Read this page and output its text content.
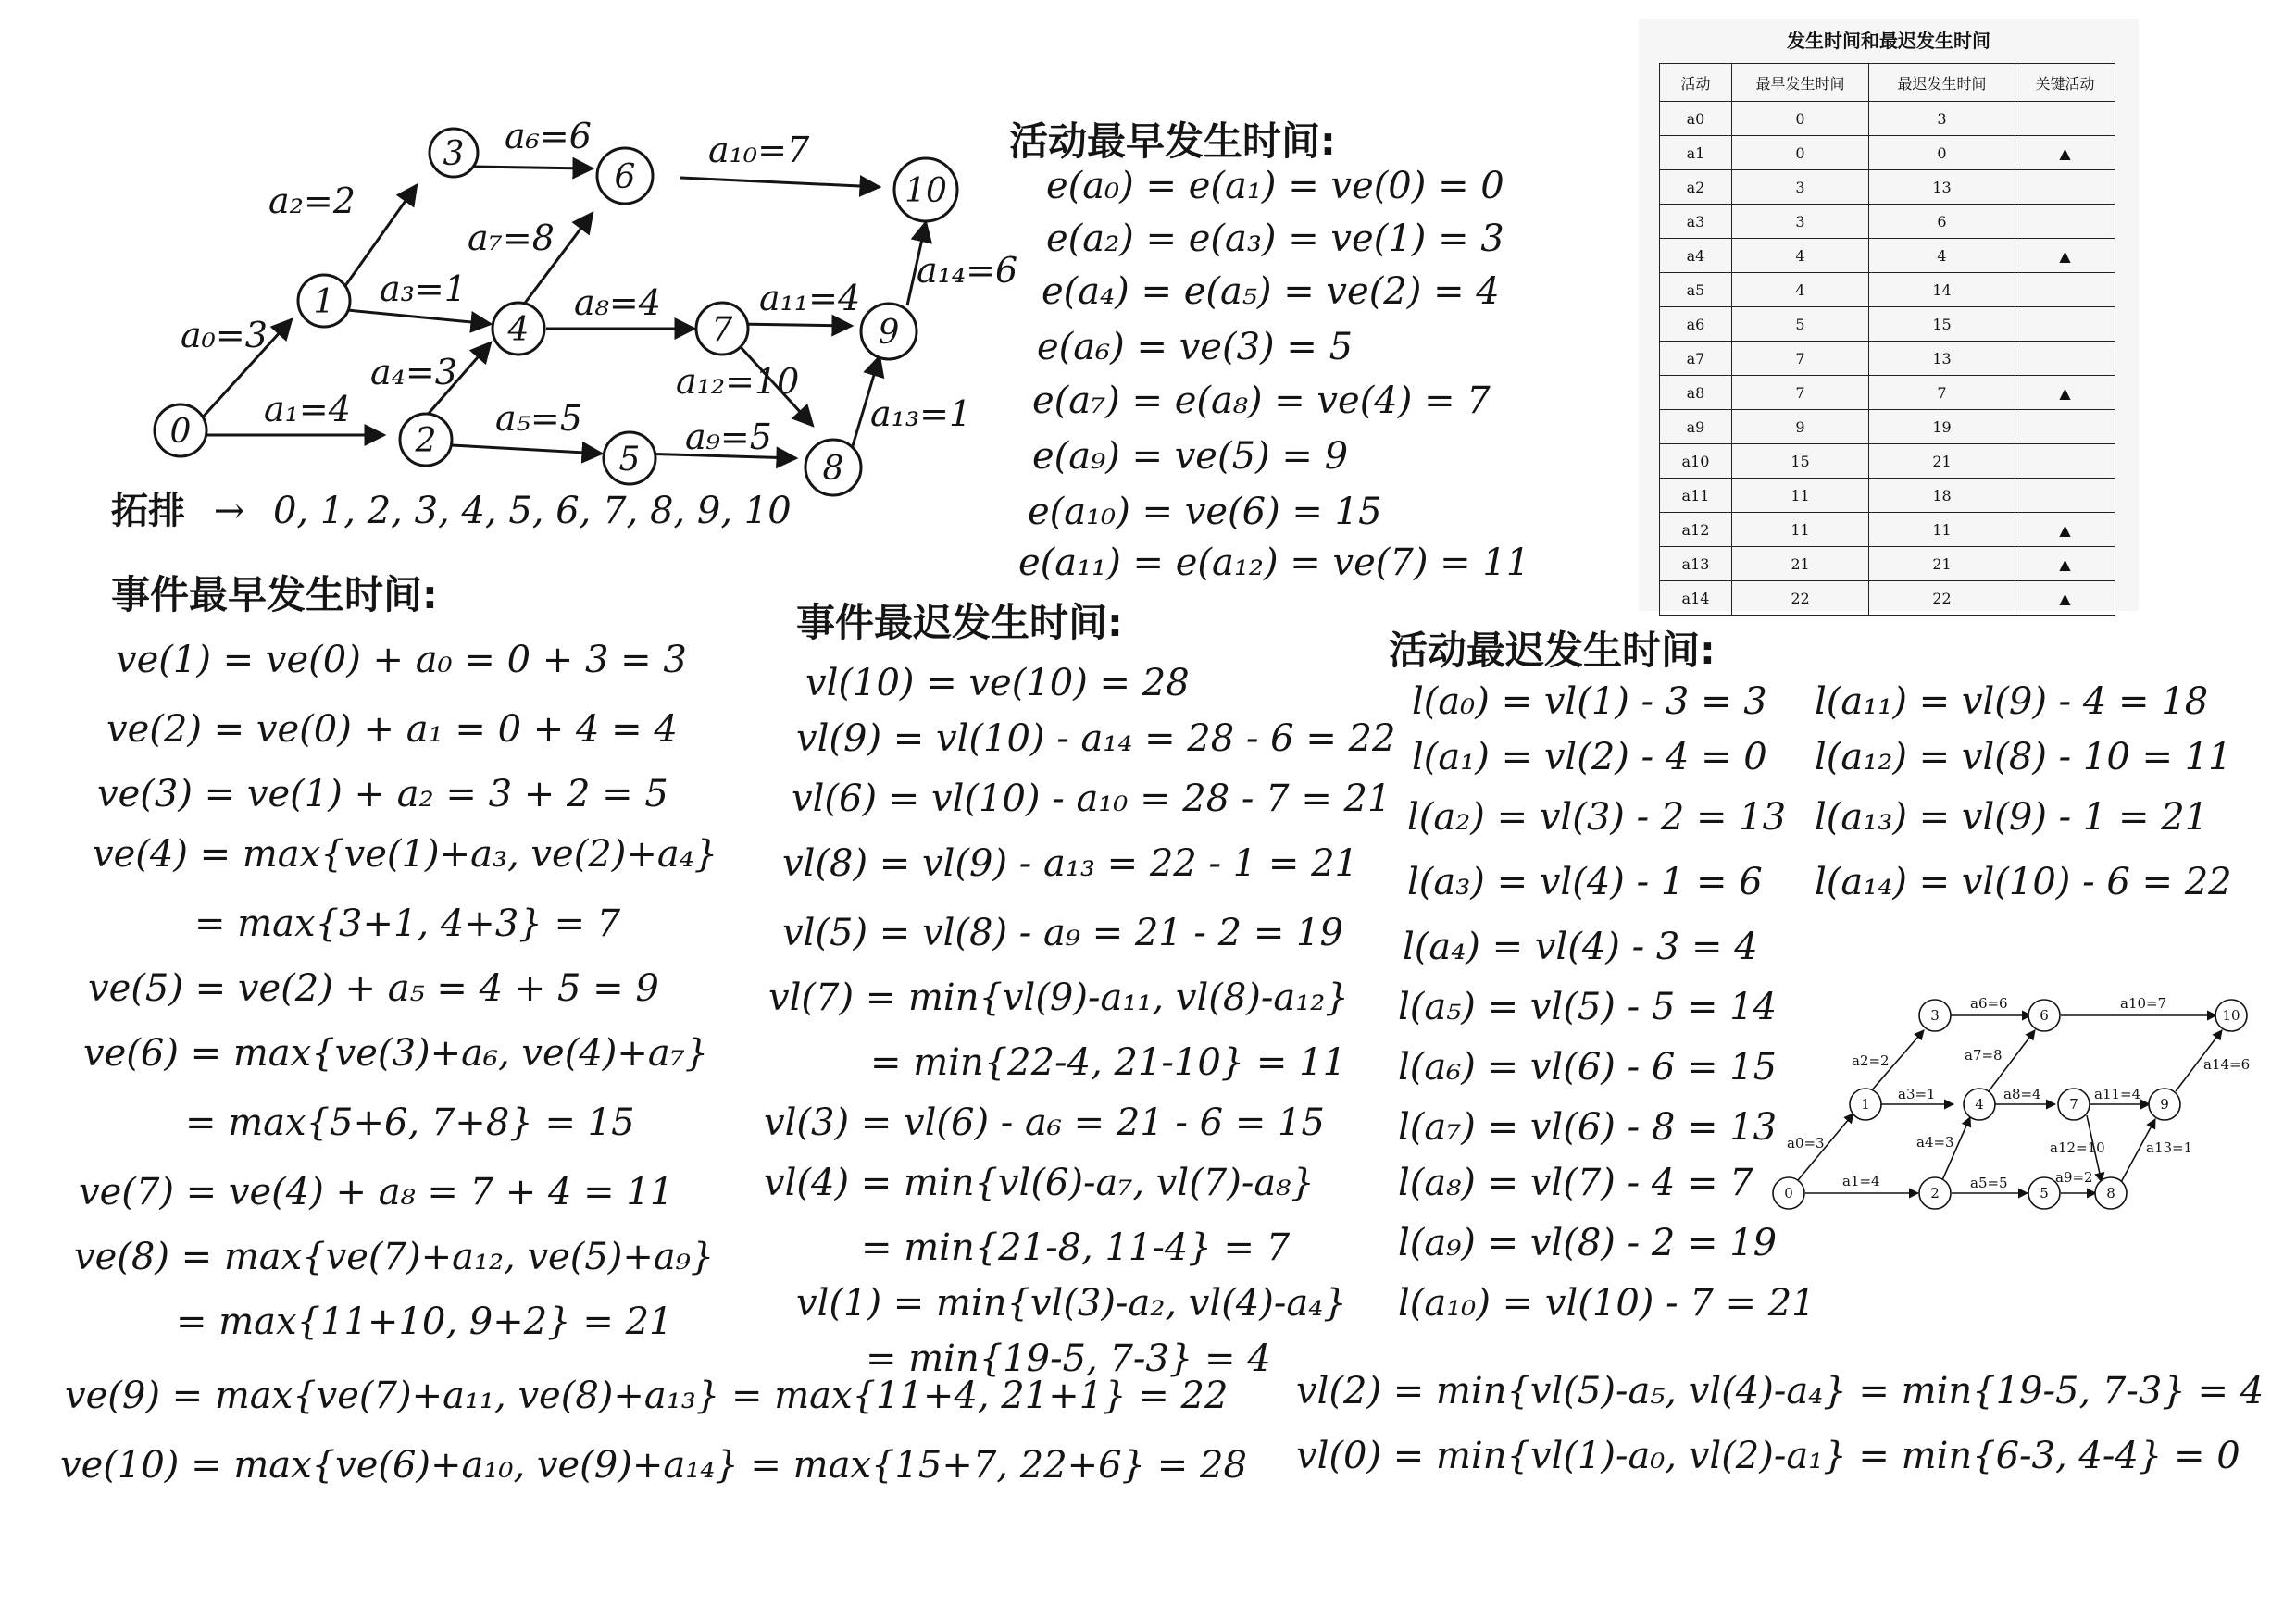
0
1
2
3
4
5
6
7
8
9
10
a₀=3
a₁=4
a₂=2
a₃=1
a₄=3
a₅=5
a₆=6
a₇=8
a₈=4
a₉=5
a₁₀=7
a₁₁=4
a₁₂=10
a₁₃=1
a₁₄=6
拓排 → 0, 1, 2, 3, 4, 5, 6, 7, 8, 9, 10
活动最早发生时间:
e(a₀) = e(a₁) = ve(0) = 0
e(a₂) = e(a₃) = ve(1) = 3
e(a₄) = e(a₅) = ve(2) = 4
e(a₆) = ve(3) = 5
e(a₇) = e(a₈) = ve(4) = 7
e(a₉) = ve(5) = 9
e(a₁₀) = ve(6) = 15
e(a₁₁) = e(a₁₂) = ve(7) = 11
事件最早发生时间:
ve(1) = ve(0) + a₀ = 0 + 3 = 3
ve(2) = ve(0) + a₁ = 0 + 4 = 4
ve(3) = ve(1) + a₂ = 3 + 2 = 5
ve(4) = max{ve(1)+a₃, ve(2)+a₄}
= max{3+1, 4+3} = 7
ve(5) = ve(2) + a₅ = 4 + 5 = 9
ve(6) = max{ve(3)+a₆, ve(4)+a₇}
= max{5+6, 7+8} = 15
ve(7) = ve(4) + a₈ = 7 + 4 = 11
ve(8) = max{ve(7)+a₁₂, ve(5)+a₉}
= max{11+10, 9+2} = 21
ve(9) = max{ve(7)+a₁₁, ve(8)+a₁₃} = max{11+4, 21+1} = 22
ve(10) = max{ve(6)+a₁₀, ve(9)+a₁₄} = max{15+7, 22+6} = 28
事件最迟发生时间:
vl(10) = ve(10) = 28
vl(9) = vl(10) - a₁₄ = 28 - 6 = 22
vl(6) = vl(10) - a₁₀ = 28 - 7 = 21
vl(8) = vl(9) - a₁₃ = 22 - 1 = 21
vl(5) = vl(8) - a₉ = 21 - 2 = 19
vl(7) = min{vl(9)-a₁₁, vl(8)-a₁₂}
= min{22-4, 21-10} = 11
vl(3) = vl(6) - a₆ = 21 - 6 = 15
vl(4) = min{vl(6)-a₇, vl(7)-a₈}
= min{21-8, 11-4} = 7
vl(1) = min{vl(3)-a₂, vl(4)-a₄}
= min{19-5, 7-3} = 4
vl(2) = min{vl(5)-a₅, vl(4)-a₄} = min{19-5, 7-3} = 4
vl(0) = min{vl(1)-a₀, vl(2)-a₁} = min{6-3, 4-4} = 0
活动最迟发生时间:
l(a₀) = vl(1) - 3 = 3
l(a₁) = vl(2) - 4 = 0
l(a₂) = vl(3) - 2 = 13
l(a₃) = vl(4) - 1 = 6
l(a₄) = vl(4) - 3 = 4
l(a₅) = vl(5) - 5 = 14
l(a₆) = vl(6) - 6 = 15
l(a₇) = vl(6) - 8 = 13
l(a₈) = vl(7) - 4 = 7
l(a₉) = vl(8) - 2 = 19
l(a₁₀) = vl(10) - 7 = 21
l(a₁₁) = vl(9) - 4 = 18
l(a₁₂) = vl(8) - 10 = 11
l(a₁₃) = vl(9) - 1 = 21
l(a₁₄) = vl(10) - 6 = 22
发生时间和最迟发生时间
活动	最早发生时间	最迟发生时间	关键活动
a0	0	3	
a1	0	0	▲
a2	3	13	
a3	3	6	
a4	4	4	▲
a5	4	14	
a6	5	15	
a7	7	13	
a8	7	7	▲
a9	9	19	
a10	15	21	
a11	11	18	
a12	11	11	▲
a13	21	21	▲
a14	22	22	▲
0
1
2
3
4
5
6
7
8
9
10
a0=3
a1=4
a2=2
a3=1
a4=3
a5=5
a6=6
a7=8
a8=4
a9=2
a10=7
a11=4
a12=10	a13=1
a14=6
